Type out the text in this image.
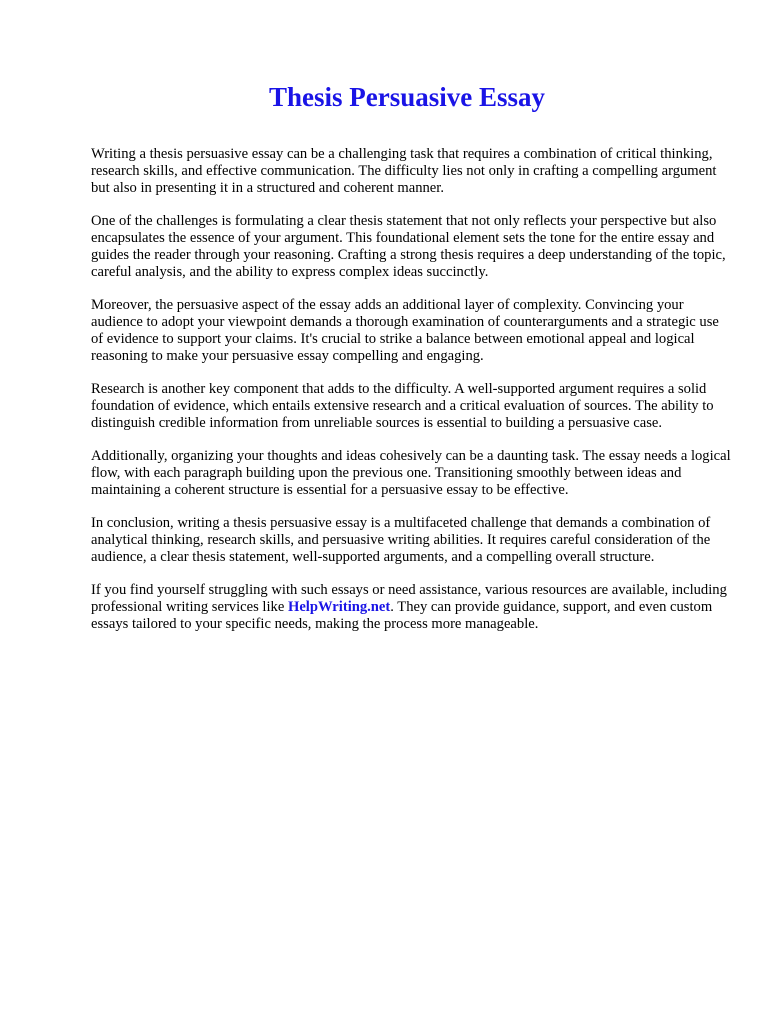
Thesis Persuasive Essay

Writing a thesis persuasive essay can be a challenging task that requires a combination of critical thinking, research skills, and effective communication. The difficulty lies not only in crafting a compelling argument but also in presenting it in a structured and coherent manner.

One of the challenges is formulating a clear thesis statement that not only reflects your perspective but also encapsulates the essence of your argument. This foundational element sets the tone for the entire essay and guides the reader through your reasoning. Crafting a strong thesis requires a deep understanding of the topic, careful analysis, and the ability to express complex ideas succinctly.

Moreover, the persuasive aspect of the essay adds an additional layer of complexity. Convincing your audience to adopt your viewpoint demands a thorough examination of counterarguments and a strategic use of evidence to support your claims. It's crucial to strike a balance between emotional appeal and logical reasoning to make your persuasive essay compelling and engaging.

Research is another key component that adds to the difficulty. A well-supported argument requires a solid foundation of evidence, which entails extensive research and a critical evaluation of sources. The ability to distinguish credible information from unreliable sources is essential to building a persuasive case.

Additionally, organizing your thoughts and ideas cohesively can be a daunting task. The essay needs a logical flow, with each paragraph building upon the previous one. Transitioning smoothly between ideas and maintaining a coherent structure is essential for a persuasive essay to be effective.

In conclusion, writing a thesis persuasive essay is a multifaceted challenge that demands a combination of analytical thinking, research skills, and persuasive writing abilities. It requires careful consideration of the audience, a clear thesis statement, well-supported arguments, and a compelling overall structure.

If you find yourself struggling with such essays or need assistance, various resources are available, including professional writing services like HelpWriting.net. They can provide guidance, support, and even custom essays tailored to your specific needs, making the process more manageable.
